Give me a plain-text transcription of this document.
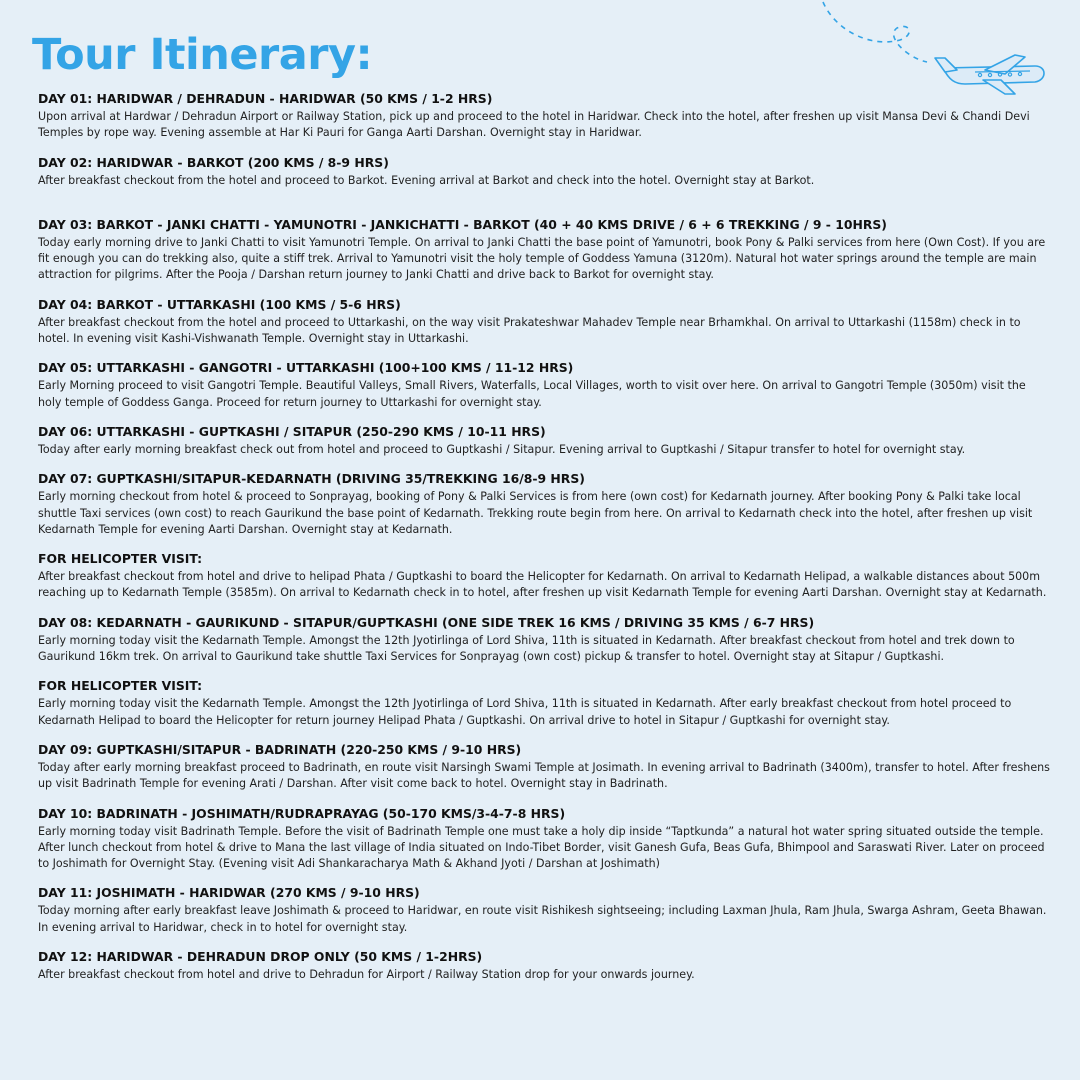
Tour Itinerary:
DAY 01: HARIDWAR / DEHRADUN - HARIDWAR (50 KMS / 1-2 HRS)
Upon arrival at Hardwar / Dehradun Airport or Railway Station, pick up and proceed to the hotel in Haridwar. Check into the hotel, after freshen up visit Mansa Devi & Chandi Devi Temples by rope way. Evening assemble at Har Ki Pauri for Ganga Aarti Darshan. Overnight stay in Haridwar.
DAY 02: HARIDWAR - BARKOT (200 KMS / 8-9 HRS)
After breakfast checkout from the hotel and proceed to Barkot. Evening arrival at Barkot and check into the hotel. Overnight stay at Barkot.
DAY 03: BARKOT - JANKI CHATTI - YAMUNOTRI - JANKICHATTI - BARKOT (40 + 40 KMS DRIVE / 6 + 6 TREKKING / 9 - 10HRS)
Today early morning drive to Janki Chatti to visit Yamunotri Temple. On arrival to Janki Chatti the base point of Yamunotri, book Pony & Palki services from here (Own Cost). If you are fit enough you can do trekking also, quite a stiff trek. Arrival to Yamunotri visit the holy temple of Goddess Yamuna (3120m). Natural hot water springs around the temple are main attraction for pilgrims. After the Pooja / Darshan return journey to Janki Chatti and drive back to Barkot for overnight stay.
DAY 04: BARKOT - UTTARKASHI (100 KMS / 5-6 HRS)
After breakfast checkout from the hotel and proceed to Uttarkashi, on the way visit Prakateshwar Mahadev Temple near Brhamkhal. On arrival to Uttarkashi (1158m) check in to hotel. In evening visit Kashi-Vishwanath Temple. Overnight stay in Uttarkashi.
DAY 05: UTTARKASHI - GANGOTRI - UTTARKASHI (100+100 KMS / 11-12 HRS)
Early Morning proceed to visit Gangotri Temple. Beautiful Valleys, Small Rivers, Waterfalls, Local Villages, worth to visit over here. On arrival to Gangotri Temple (3050m) visit the holy temple of Goddess Ganga. Proceed for return journey to Uttarkashi for overnight stay.
DAY 06: UTTARKASHI - GUPTKASHI / SITAPUR (250-290 KMS / 10-11 HRS)
Today after early morning breakfast check out from hotel and proceed to Guptkashi / Sitapur. Evening arrival to Guptkashi / Sitapur transfer to hotel for overnight stay.
DAY 07: GUPTKASHI/SITAPUR-KEDARNATH (DRIVING 35/TREKKING 16/8-9 HRS)
Early morning checkout from hotel & proceed to Sonprayag, booking of Pony & Palki Services is from here (own cost) for Kedarnath journey. After booking Pony & Palki take local shuttle Taxi services (own cost) to reach Gaurikund the base point of Kedarnath. Trekking route begin from here. On arrival to Kedarnath check into the hotel, after freshen up visit Kedarnath Temple for evening Aarti Darshan. Overnight stay at Kedarnath.
FOR HELICOPTER VISIT:
After breakfast checkout from hotel and drive to helipad Phata / Guptkashi to board the Helicopter for Kedarnath. On arrival to Kedarnath Helipad, a walkable distances about 500m reaching up to Kedarnath Temple (3585m). On arrival to Kedarnath check in to hotel, after freshen up visit Kedarnath Temple for evening Aarti Darshan. Overnight stay at Kedarnath.
DAY 08: KEDARNATH - GAURIKUND - SITAPUR/GUPTKASHI (ONE SIDE TREK 16 KMS / DRIVING 35 KMS / 6-7 HRS)
Early morning today visit the Kedarnath Temple. Amongst the 12th Jyotirlinga of Lord Shiva, 11th is situated in Kedarnath. After breakfast checkout from hotel and trek down to Gaurikund 16km trek. On arrival to Gaurikund take shuttle Taxi Services for Sonprayag (own cost) pickup & transfer to hotel. Overnight stay at Sitapur / Guptkashi.
FOR HELICOPTER VISIT:
Early morning today visit the Kedarnath Temple. Amongst the 12th Jyotirlinga of Lord Shiva, 11th is situated in Kedarnath. After early breakfast checkout from hotel proceed to Kedarnath Helipad to board the Helicopter for return journey Helipad Phata / Guptkashi. On arrival drive to hotel in Sitapur / Guptkashi for overnight stay.
DAY 09: GUPTKASHI/SITAPUR - BADRINATH (220-250 KMS / 9-10 HRS)
Today after early morning breakfast proceed to Badrinath, en route visit Narsingh Swami Temple at Josimath. In evening arrival to Badrinath (3400m), transfer to hotel. After freshens up visit Badrinath Temple for evening Arati / Darshan. After visit come back to hotel. Overnight stay in Badrinath.
DAY 10: BADRINATH - JOSHIMATH/RUDRAPRAYAG (50-170 KMS/3-4-7-8 HRS)
Early morning today visit Badrinath Temple. Before the visit of Badrinath Temple one must take a holy dip inside “Taptkunda” a natural hot water spring situated outside the temple. After lunch checkout from hotel & drive to Mana the last village of India situated on Indo-Tibet Border, visit Ganesh Gufa, Beas Gufa, Bhimpool and Saraswati River. Later on proceed to Joshimath for Overnight Stay. (Evening visit Adi Shankaracharya Math & Akhand Jyoti / Darshan at Joshimath)
DAY 11: JOSHIMATH - HARIDWAR (270 KMS / 9-10 HRS)
Today morning after early breakfast leave Joshimath & proceed to Haridwar, en route visit Rishikesh sightseeing; including Laxman Jhula, Ram Jhula, Swarga Ashram, Geeta Bhawan. In evening arrival to Haridwar, check in to hotel for overnight stay.
DAY 12: HARIDWAR - DEHRADUN DROP ONLY (50 KMS / 1-2HRS)
After breakfast checkout from hotel and drive to Dehradun for Airport / Railway Station drop for your onwards journey.
